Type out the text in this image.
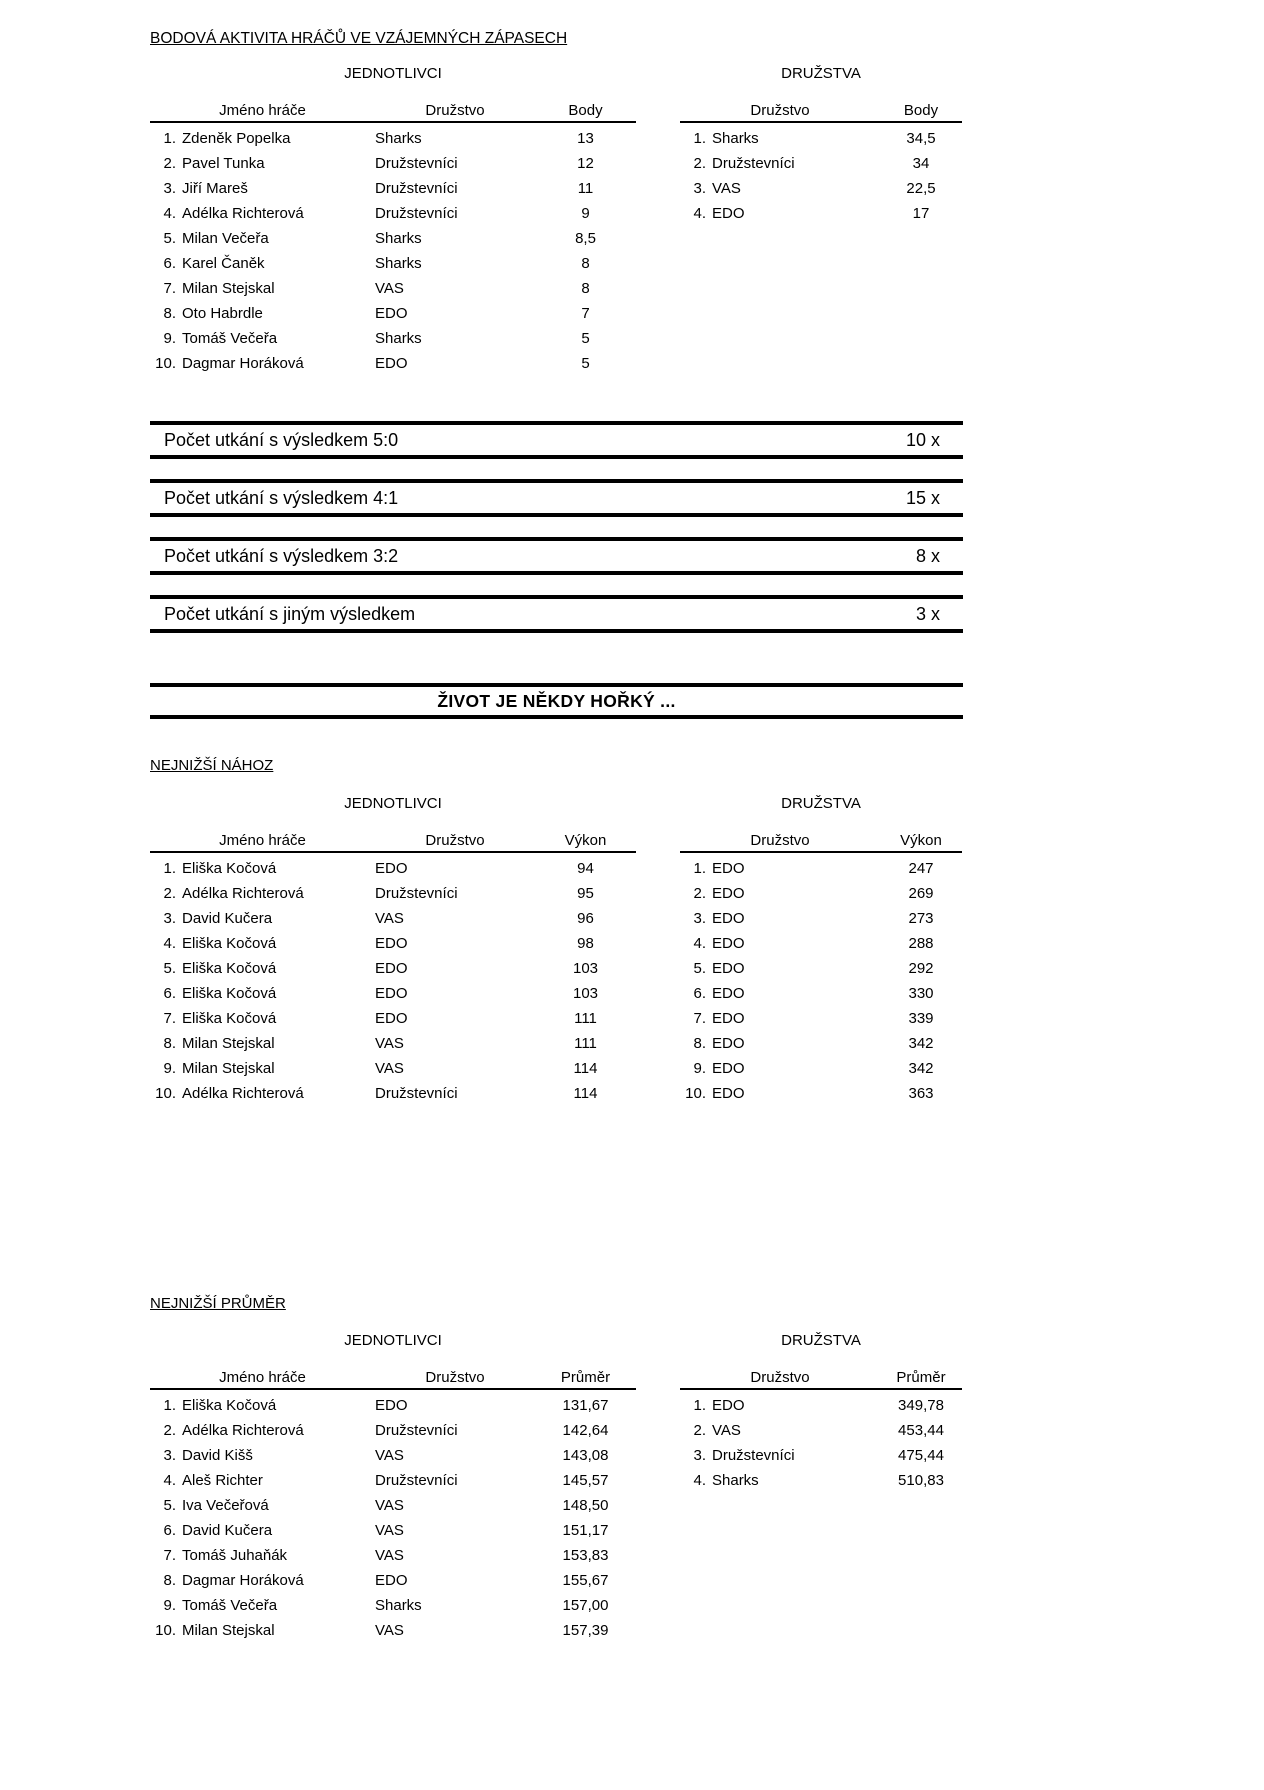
BODOVÁ AKTIVITA HRÁČŮ VE VZÁJEMNÝCH ZÁPASECH
JEDNOTLIVCI
Jméno hráče	Družstvo	Body
1. Zdeněk Popelka	Sharks	13
2. Pavel Tunka	Družstevníci	12
3. Jiří Mareš	Družstevníci	11
4. Adélka Richterová	Družstevníci	9
5. Milan Večeřa	Sharks	8,5
6. Karel Čaněk	Sharks	8
7. Milan Stejskal	VAS	8
8. Oto Habrdle	EDO	7
9. Tomáš Večeřa	Sharks	5
10. Dagmar Horáková	EDO	5
DRUŽSTVA
Družstvo	Body
1. Sharks	34,5
2. Družstevníci	34
3. VAS	22,5
4. EDO	17
Počet utkání s výsledkem 5:0	10 x
Počet utkání s výsledkem 4:1	15 x
Počet utkání s výsledkem 3:2	8 x
Počet utkání s jiným výsledkem	3 x
ŽIVOT JE NĚKDY HOŘKÝ ...
NEJNIŽŠÍ NÁHOZ
JEDNOTLIVCI
Jméno hráče	Družstvo	Výkon
1. Eliška Kočová	EDO	94
2. Adélka Richterová	Družstevníci	95
3. David Kučera	VAS	96
4. Eliška Kočová	EDO	98
5. Eliška Kočová	EDO	103
6. Eliška Kočová	EDO	103
7. Eliška Kočová	EDO	111
8. Milan Stejskal	VAS	111
9. Milan Stejskal	VAS	114
10. Adélka Richterová	Družstevníci	114
DRUŽSTVA
Družstvo	Výkon
1. EDO	247
2. EDO	269
3. EDO	273
4. EDO	288
5. EDO	292
6. EDO	330
7. EDO	339
8. EDO	342
9. EDO	342
10. EDO	363
NEJNIŽŠÍ PRŮMĚR
JEDNOTLIVCI
Jméno hráče	Družstvo	Průměr
1. Eliška Kočová	EDO	131,67
2. Adélka Richterová	Družstevníci	142,64
3. David Kišš	VAS	143,08
4. Aleš Richter	Družstevníci	145,57
5. Iva Večeřová	VAS	148,50
6. David Kučera	VAS	151,17
7. Tomáš Juhaňák	VAS	153,83
8. Dagmar Horáková	EDO	155,67
9. Tomáš Večeřa	Sharks	157,00
10. Milan Stejskal	VAS	157,39
DRUŽSTVA
Družstvo	Průměr
1. EDO	349,78
2. VAS	453,44
3. Družstevníci	475,44
4. Sharks	510,83
